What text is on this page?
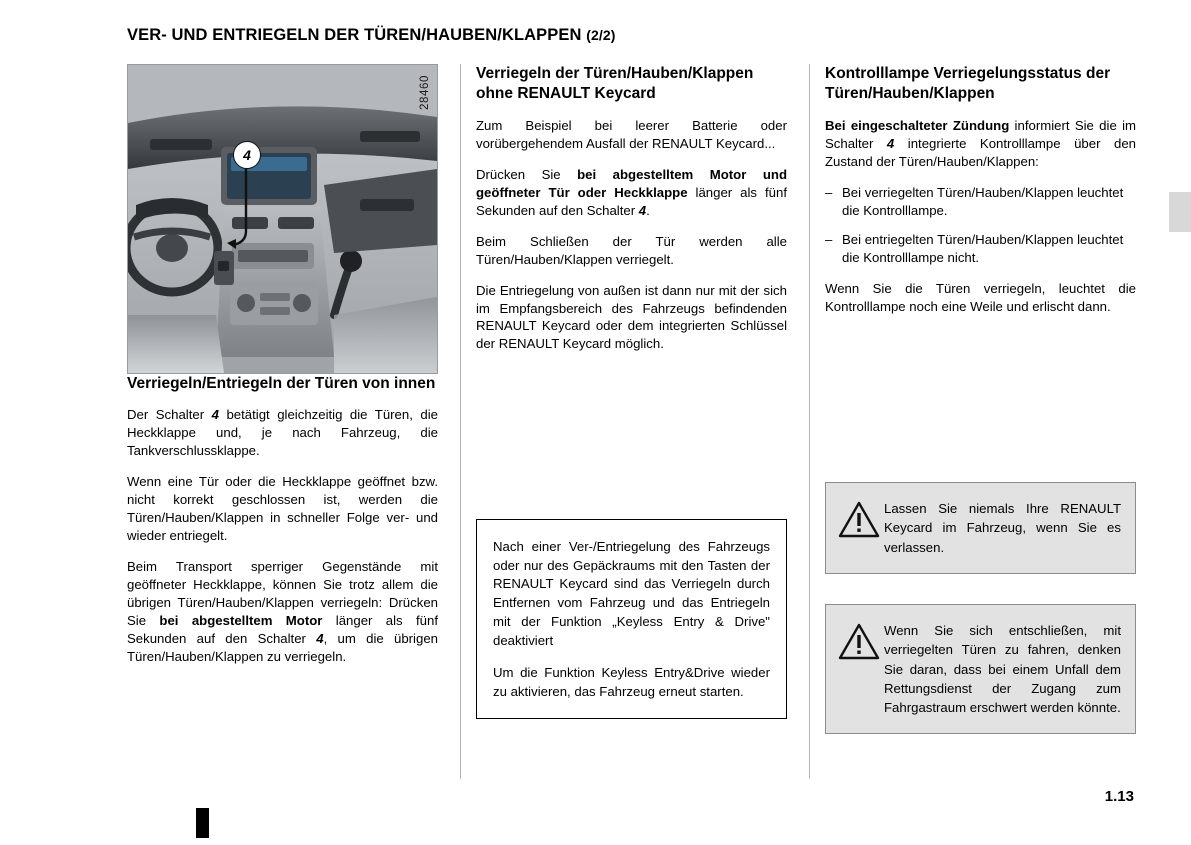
VER- UND ENTRIEGELN DER TÜREN/HAUBEN/KLAPPEN (2/2)
4
28460
Verriegeln/Entriegeln der Türen von innen

Der Schalter 4 betätigt gleichzeitig die Türen, die Heckklappe und, je nach Fahrzeug, die Tankverschlussklappe.

Wenn eine Tür oder die Heckklappe geöffnet bzw. nicht korrekt geschlossen ist, werden die Türen/Hauben/Klappen in schneller Folge ver- und wieder entriegelt.

Beim Transport sperriger Gegenstände mit geöffneter Heckklappe, können Sie trotz allem die übrigen Türen/Hauben/Klappen verriegeln: Drücken Sie bei abgestelltem Motor länger als fünf Sekunden auf den Schalter 4, um die übrigen Türen/Hauben/Klappen zu verriegeln.

Verriegeln der Türen/Hauben/Klappen ohne RENAULT Keycard

Zum Beispiel bei leerer Batterie oder vorübergehendem Ausfall der RENAULT Keycard...

Drücken Sie bei abgestelltem Motor und geöffneter Tür oder Heckklappe länger als fünf Sekunden auf den Schalter 4.

Beim Schließen der Tür werden alle Türen/Hauben/Klappen verriegelt.

Die Entriegelung von außen ist dann nur mit der sich im Empfangsbereich des Fahrzeugs befindenden RENAULT Keycard oder dem integrierten Schlüssel der RENAULT Keycard möglich.

Nach einer Ver-/Entriegelung des Fahrzeugs oder nur des Gepäckraums mit den Tasten der RENAULT Keycard sind das Verriegeln durch Entfernen vom Fahrzeug und das Entriegeln mit der Funktion „Keyless Entry & Drive" deaktiviert

Um die Funktion Keyless Entry&Drive wieder zu aktivieren, das Fahrzeug erneut starten.

Kontrolllampe Verriegelungsstatus der Türen/Hauben/Klappen

Bei eingeschalteter Zündung informiert Sie die im Schalter 4 integrierte Kontrolllampe über den Zustand der Türen/Hauben/Klappen:

– Bei verriegelten Türen/Hauben/Klappen leuchtet die Kontrolllampe.
– Bei entriegelten Türen/Hauben/Klappen leuchtet die Kontrolllampe nicht.

Wenn Sie die Türen verriegeln, leuchtet die Kontrolllampe noch eine Weile und erlischt dann.

Lassen Sie niemals Ihre RENAULT Keycard im Fahrzeug, wenn Sie es verlassen.
Wenn Sie sich entschließen, mit verriegelten Türen zu fahren, denken Sie daran, dass bei einem Unfall dem Rettungsdienst der Zugang zum Fahrgastraum erschwert werden könnte.
1.13
